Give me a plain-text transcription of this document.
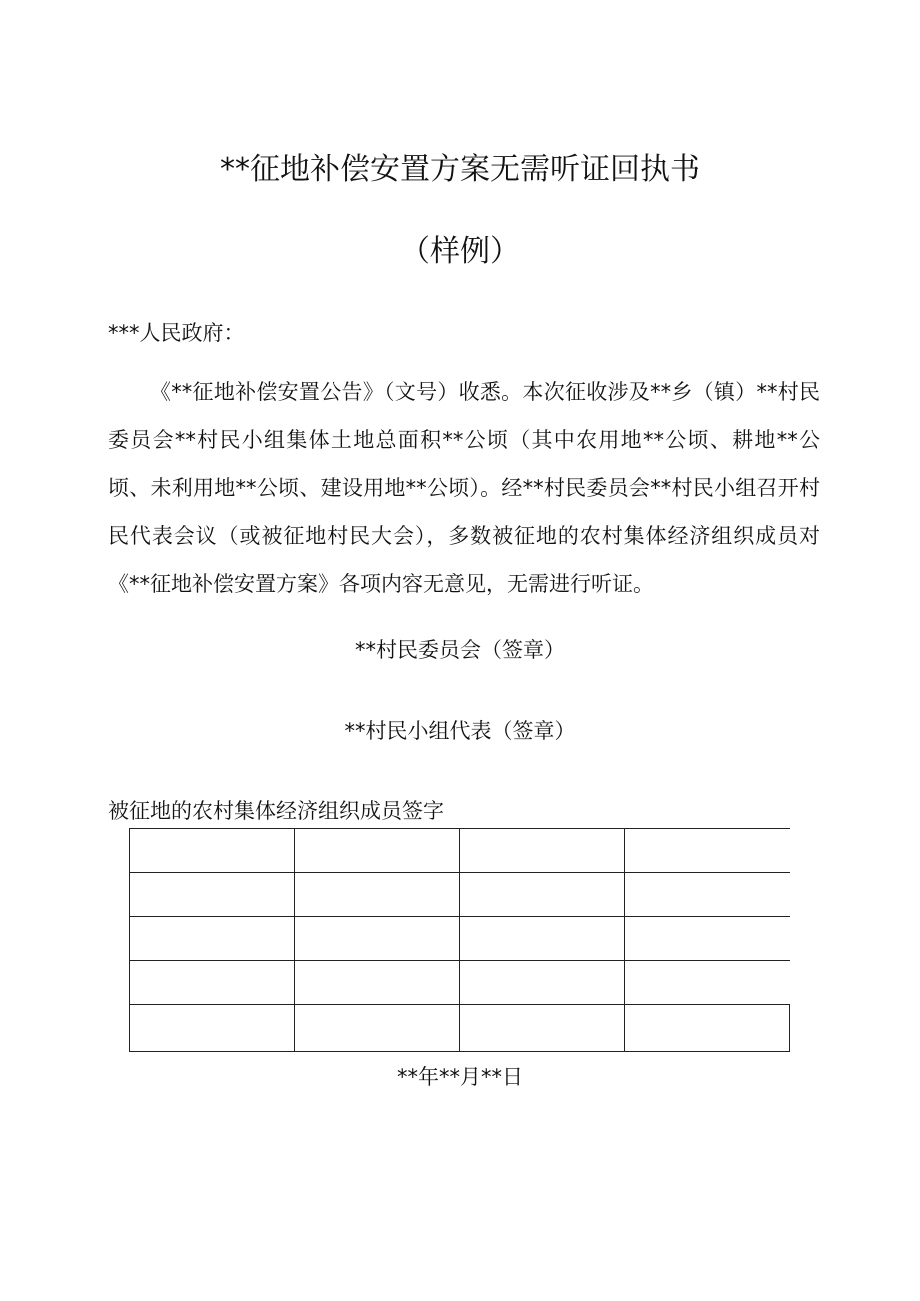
**征地补偿安置方案无需听证回执书
（样例）
***人民政府：
《**征地补偿安置公告》（文号）收悉。本次征收涉及**乡（镇）**村民委员会**村民小组集体土地总面积**公顷（其中农用地**公顷、耕地**公顷、未利用地**公顷、建设用地**公顷）。经**村民委员会**村民小组召开村民代表会议（或被征地村民大会），多数被征地的农村集体经济组织成员对《**征地补偿安置方案》各项内容无意见，无需进行听证。
**村民委员会（签章）
**村民小组代表（签章）
被征地的农村集体经济组织成员签字

**年**月**日
